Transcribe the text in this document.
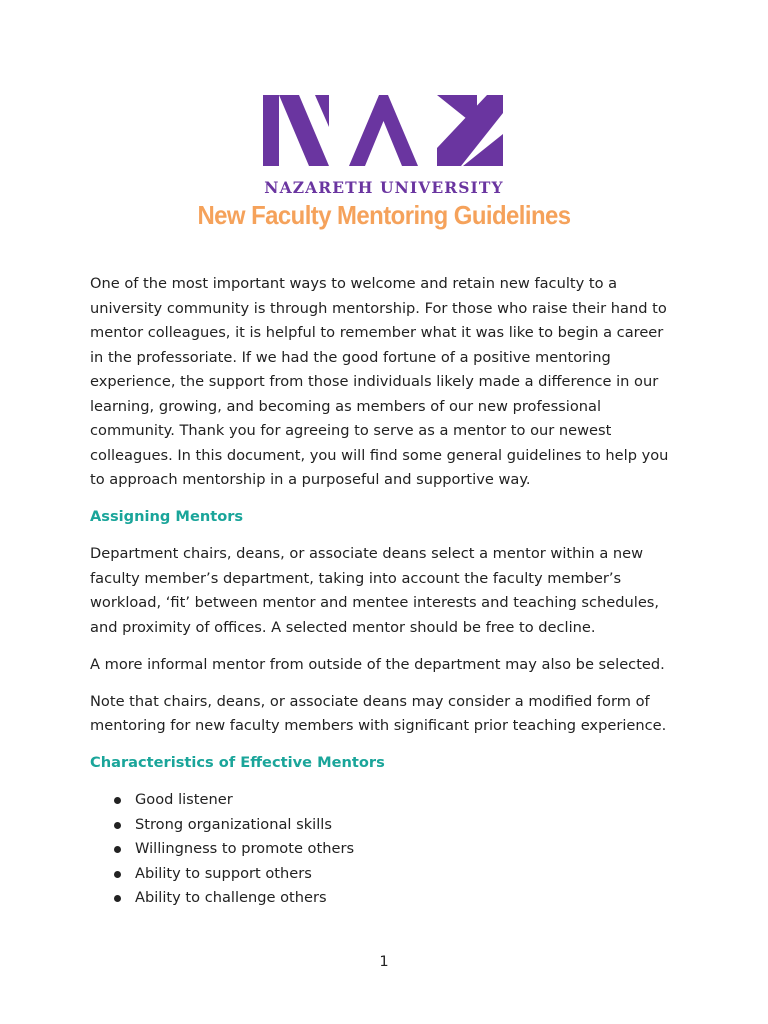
NAZARETH UNIVERSITY
New Faculty Mentoring Guidelines

One of the most important ways to welcome and retain new faculty to a university community is through mentorship. For those who raise their hand to mentor colleagues, it is helpful to remember what it was like to begin a career in the professoriate. If we had the good fortune of a positive mentoring experience, the support from those individuals likely made a difference in our learning, growing, and becoming as members of our new professional community. Thank you for agreeing to serve as a mentor to our newest colleagues. In this document, you will find some general guidelines to help you to approach mentorship in a purposeful and supportive way.

Assigning Mentors

Department chairs, deans, or associate deans select a mentor within a new faculty member’s department, taking into account the faculty member’s workload, ‘fit’ between mentor and mentee interests and teaching schedules, and proximity of offices. A selected mentor should be free to decline.

A more informal mentor from outside of the department may also be selected.

Note that chairs, deans, or associate deans may consider a modified form of mentoring for new faculty members with significant prior teaching experience.

Characteristics of Effective Mentors
Good listener
Strong organizational skills
Willingness to promote others
Ability to support others
Ability to challenge others
1
